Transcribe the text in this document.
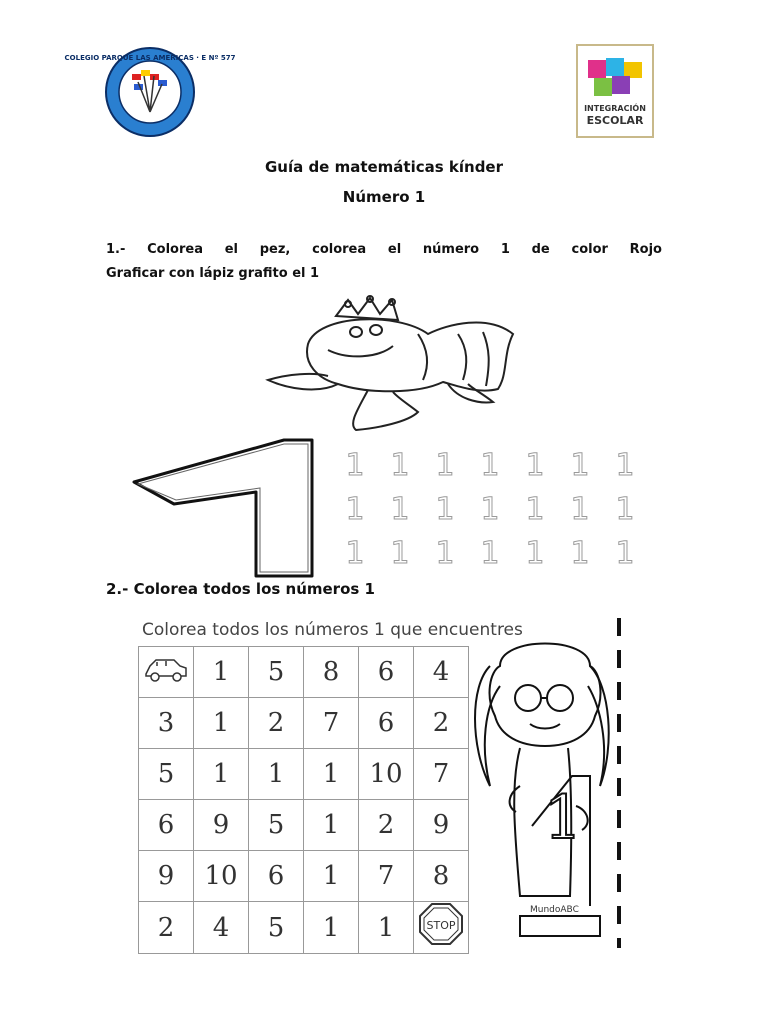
COLEGIO PARQUE LAS AMERICAS · E Nº 577
INTEGRACIÓN
ESCOLAR
Guía de matemáticas kínder
Número 1
1.- Colorea el pez, colorea el número 1 de color Rojo
Graficar con lápiz grafito el 1
1 1 1 1 1 1 1
1 1 1 1 1 1 1
1 1 1 1 1 1 1
2.- Colorea todos los números 1
Colorea todos los números 1 que encuentres
	1	5	8	6	4
3	1	2	7	6	2
5	1	1	1	10	7
6	9	5	1	2	9
9	10	6	1	7	8
2	4	5	1	1	STOP
1
MundoABC
